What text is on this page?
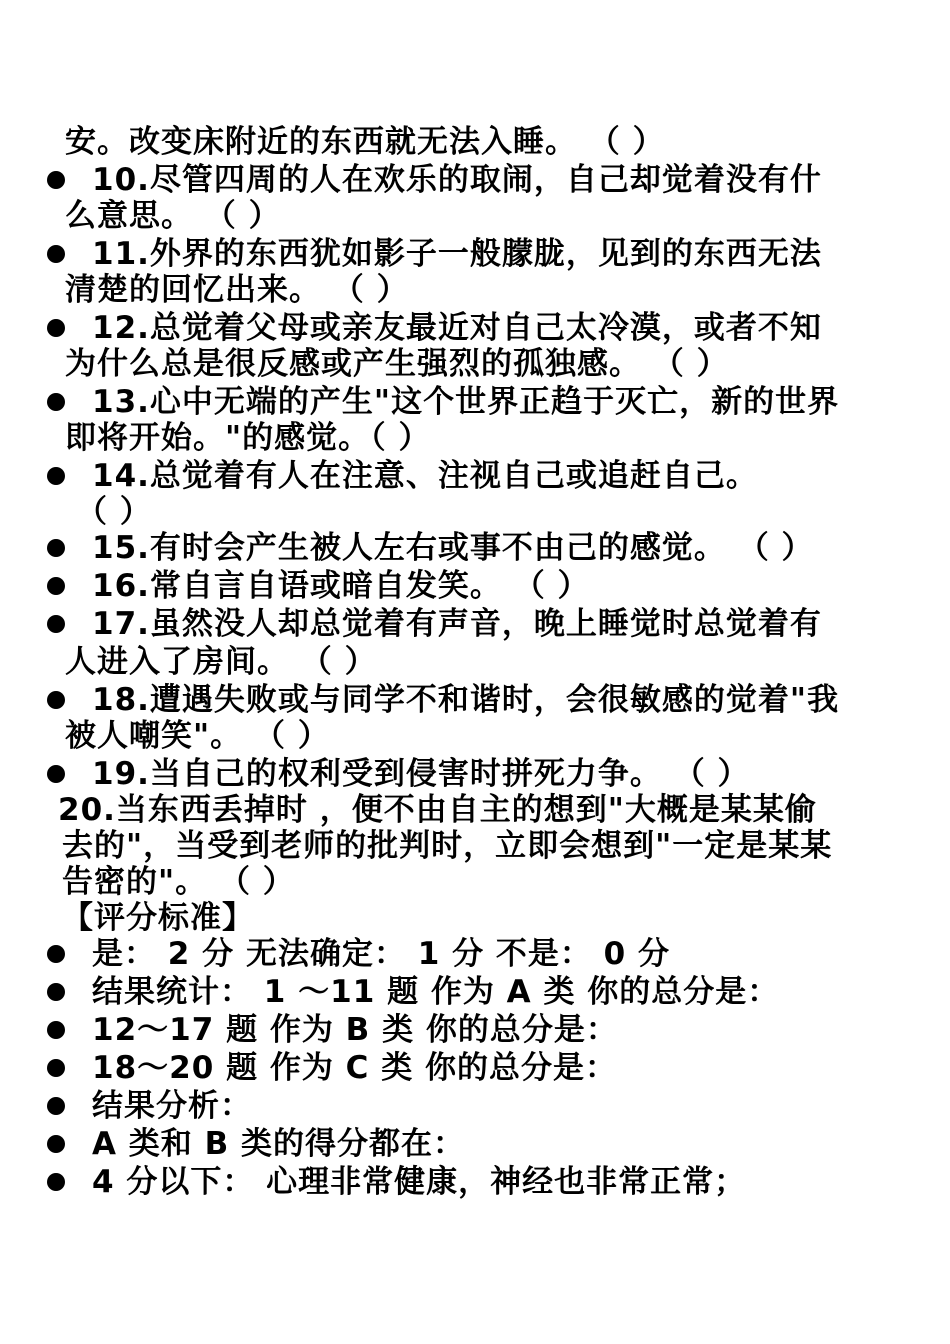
安。改变床附近的东西就无法入睡。 （ ）
10.尽管四周的人在欢乐的取闹，自己却觉着没有什
么意思。 （ ）
11.外界的东西犹如影子一般朦胧，见到的东西无法
清楚的回忆出来。 （ ）
12.总觉着父母或亲友最近对自己太冷漠，或者不知
为什么总是很反感或产生强烈的孤独感。 （ ）
13.心中无端的产生"这个世界正趋于灭亡，新的世界
即将开始。"的感觉。（ ）
14.总觉着有人在注意、注视自己或追赶自己。
（ ）
15.有时会产生被人左右或事不由己的感觉。 （ ）
16.常自言自语或暗自发笑。 （ ）
17.虽然没人却总觉着有声音，晚上睡觉时总觉着有
人进入了房间。 （ ）
18.遭遇失败或与同学不和谐时，会很敏感的觉着"我
被人嘲笑"。 （ ）
19.当自己的权利受到侵害时拼死力争。 （ ）
20.当东西丢掉时 ，便不由自主的想到"大概是某某偷
去的"，当受到老师的批判时，立即会想到"一定是某某
告密的"。 （ ）
【评分标准】
是： 2 分 无法确定： 1 分 不是： 0 分
结果统计： 1 ～11 题 作为 A 类 你的总分是：
12～17 题 作为 B 类 你的总分是：
18～20 题 作为 C 类 你的总分是：
结果分析：
A 类和 B 类的得分都在：
4 分以下： 心理非常健康，神经也非常正常；
